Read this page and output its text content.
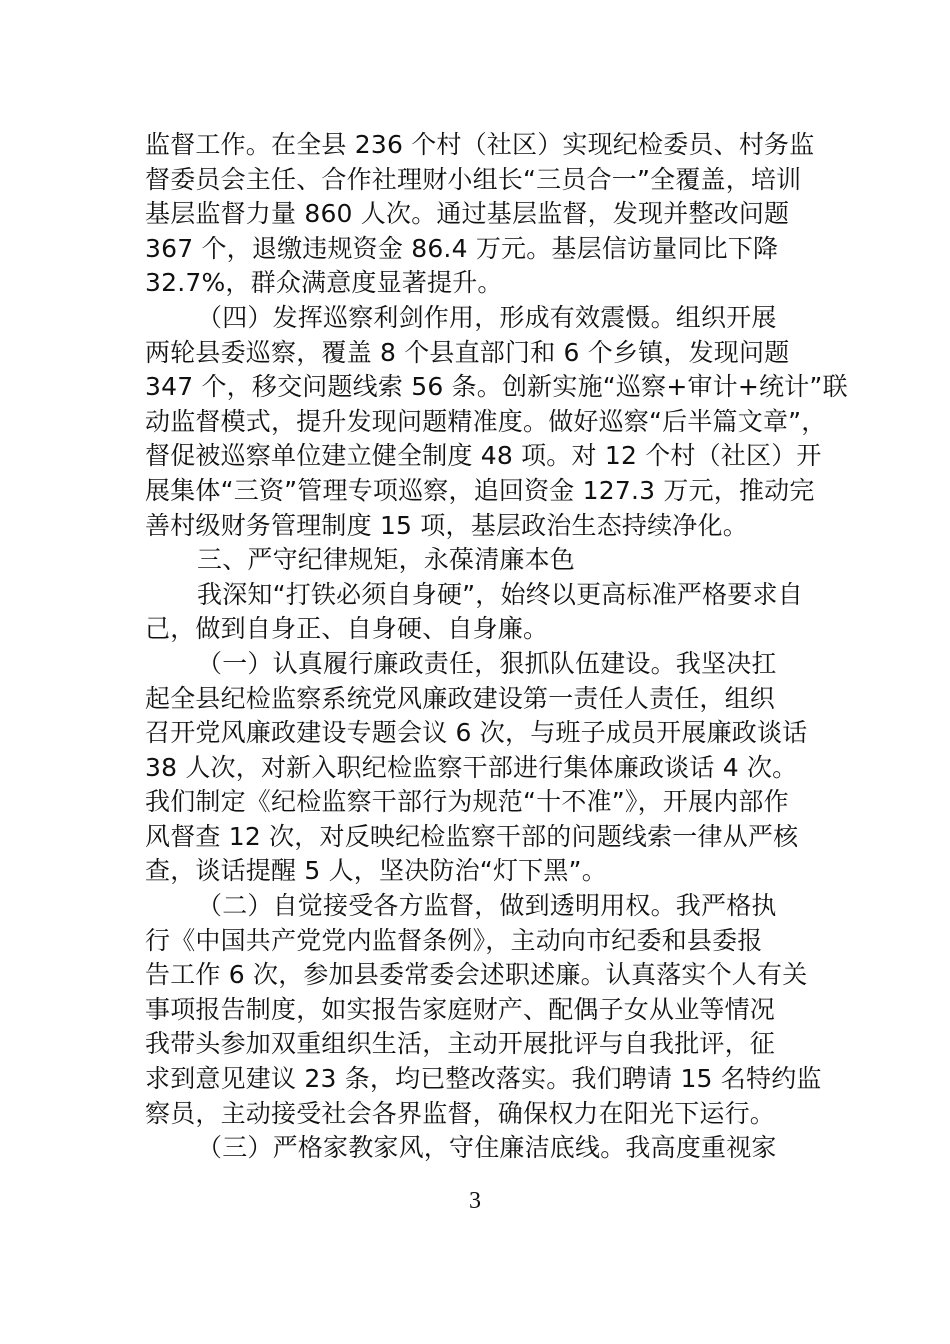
监督工作。在全县 236 个村（社区）实现纪检委员、村务监
督委员会主任、合作社理财小组长“三员合一”全覆盖，培训
基层监督力量 860 人次。通过基层监督，发现并整改问题
367 个，退缴违规资金 86.4 万元。基层信访量同比下降
32.7%，群众满意度显著提升。
（四）发挥巡察利剑作用，形成有效震慑。组织开展
两轮县委巡察，覆盖 8 个县直部门和 6 个乡镇，发现问题
347 个，移交问题线索 56 条。创新实施“巡察+审计+统计”联
动监督模式，提升发现问题精准度。做好巡察“后半篇文章”，
督促被巡察单位建立健全制度 48 项。对 12 个村（社区）开
展集体“三资”管理专项巡察，追回资金 127.3 万元，推动完
善村级财务管理制度 15 项，基层政治生态持续净化。
三、严守纪律规矩，永葆清廉本色
我深知“打铁必须自身硬”，始终以更高标准严格要求自
己，做到自身正、自身硬、自身廉。
（一）认真履行廉政责任，狠抓队伍建设。我坚决扛
起全县纪检监察系统党风廉政建设第一责任人责任，组织
召开党风廉政建设专题会议 6 次，与班子成员开展廉政谈话
38 人次，对新入职纪检监察干部进行集体廉政谈话 4 次。
我们制定《纪检监察干部行为规范“十不准”》，开展内部作
风督查 12 次，对反映纪检监察干部的问题线索一律从严核
查，谈话提醒 5 人，坚决防治“灯下黑”。
（二）自觉接受各方监督，做到透明用权。我严格执
行《中国共产党党内监督条例》，主动向市纪委和县委报
告工作 6 次，参加县委常委会述职述廉。认真落实个人有关
事项报告制度，如实报告家庭财产、配偶子女从业等情况
我带头参加双重组织生活，主动开展批评与自我批评，征
求到意见建议 23 条，均已整改落实。我们聘请 15 名特约监
察员，主动接受社会各界监督，确保权力在阳光下运行。
（三）严格家教家风，守住廉洁底线。我高度重视家
3
